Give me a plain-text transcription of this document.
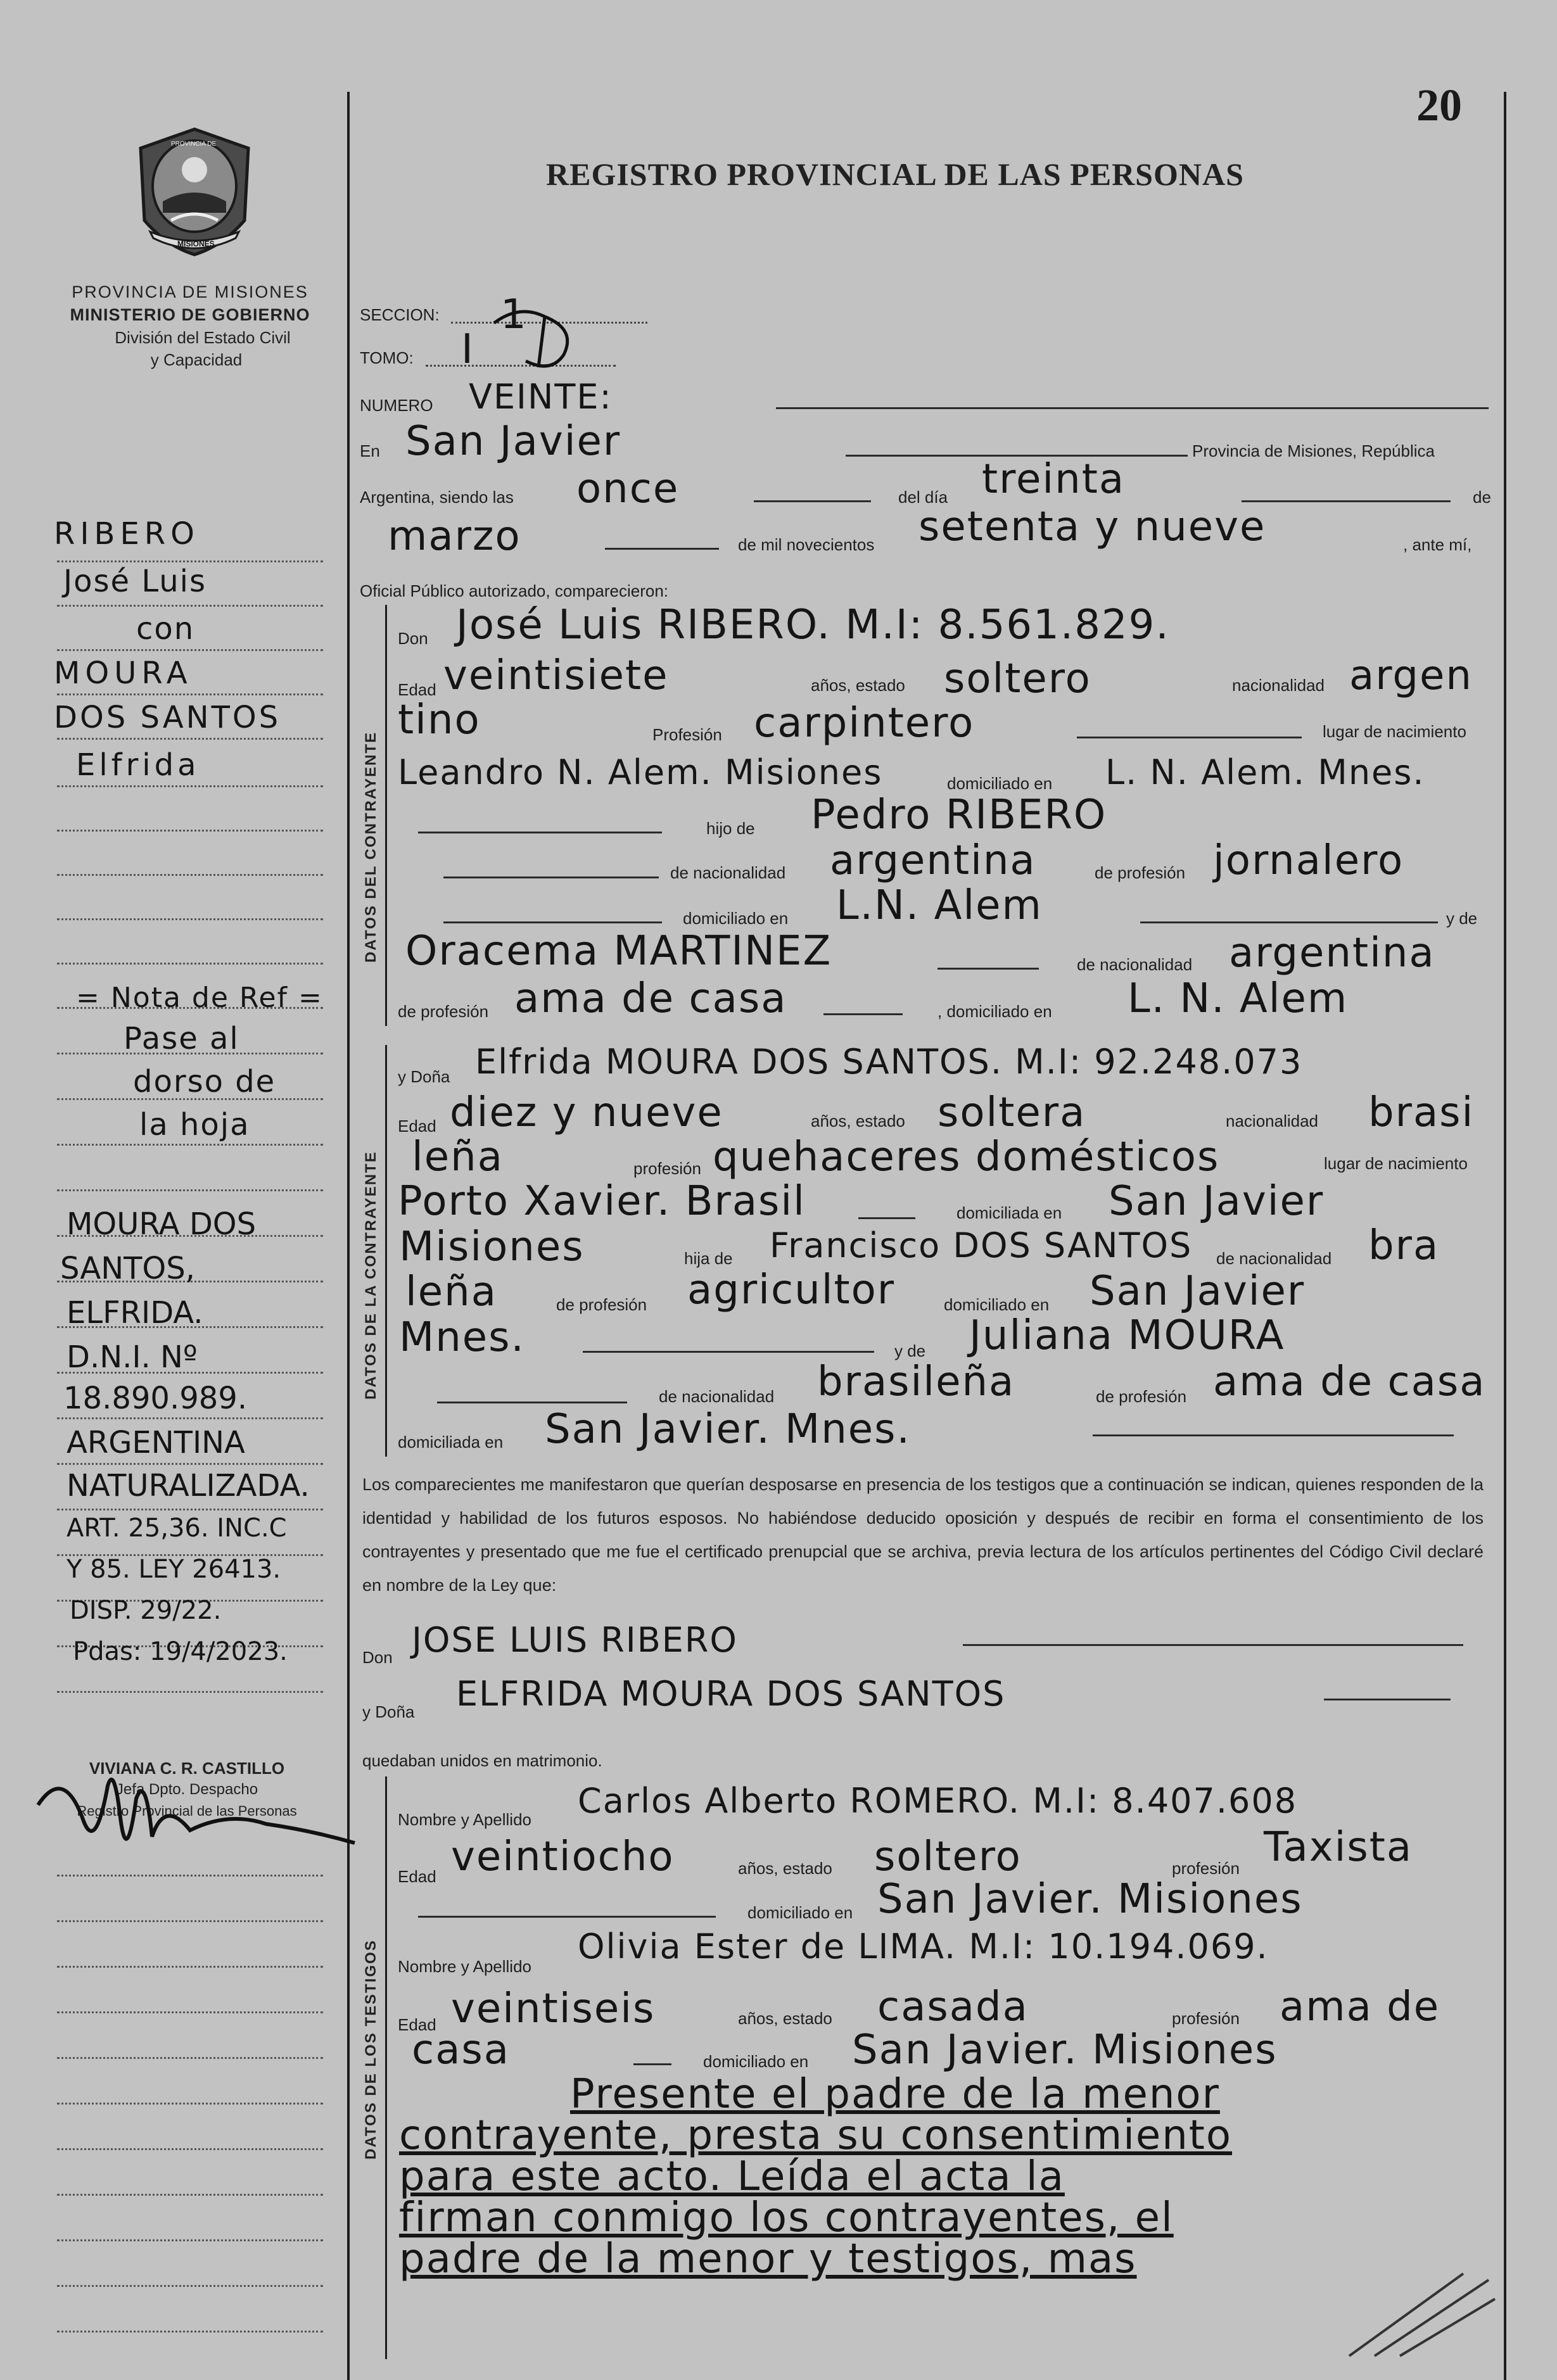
20
PROVINCIA DE
MISIONES
PROVINCIA DE MISIONES
MINISTERIO DE GOBIERNO
División del Estado Civil
y Capacidad
REGISTRO PROVINCIAL DE LAS PERSONAS
SECCION: 1
TOMO: I
NUMERO VEINTE:
En San Javier	Provincia de Misiones, República
Argentina, siendo las once	del día treinta	de
marzo	de mil novecientos setenta y nueve	, ante mí,
Oficial Público autorizado, comparecieron:
DATOS DEL CONTRAYENTE
Don José Luis RIBERO. M.I: 8.561.829.
Edad veintisiete	años, estado soltero	nacionalidad argen
tino	Profesión carpintero	lugar de nacimiento
Leandro N. Alem. Misiones	domiciliado en L. N. Alem. Mnes.
hijo de Pedro RIBERO
de nacionalidad argentina	de profesión jornalero
domiciliado en L.N. Alem	y de
Oracema MARTINEZ	de nacionalidad argentina
de profesión ama de casa	, domiciliado en L. N. Alem
DATOS DE LA CONTRAYENTE
y Doña Elfrida MOURA DOS SANTOS. M.I: 92.248.073
Edad diez y nueve	años, estado soltera	nacionalidad brasi
leña	profesión quehaceres domésticos	lugar de nacimiento
Porto Xavier. Brasil	domiciliada en San Javier
Misiones	hija de Francisco DOS SANTOS de nacionalidad bra
leña	de profesión agricultor	domiciliado en San Javier
Mnes.	y de Juliana MOURA
de nacionalidad brasileña	de profesión ama de casa
domiciliada en San Javier. Mnes.
Los comparecientes me manifestaron que querían desposarse en presencia de los testigos que a continuación se indican, quienes responden de la identidad y habilidad de los futuros esposos. No habiéndose deducido oposición y después de recibir en forma el consentimiento de los contrayentes y presentado que me fue el certificado prenupcial que se archiva, previa lectura de los artículos pertinentes del Código Civil declaré en nombre de la Ley que:
Don JOSE LUIS RIBERO
y Doña ELFRIDA MOURA DOS SANTOS
quedaban unidos en matrimonio.
DATOS DE LOS TESTIGOS
Nombre y Apellido Carlos Alberto ROMERO. M.I: 8.407.608
Edad veintiocho	años, estado soltero	profesión Taxista
domiciliado en San Javier. Misiones
Nombre y Apellido Olivia Ester de LIMA. M.I: 10.194.069.
Edad veintiseis	años, estado casada	profesión ama de
casa	domiciliado en San Javier. Misiones
Presente el padre de la menor
contrayente, presta su consentimiento
para este acto. Leída el acta la
firman conmigo los contrayentes, el
padre de la menor y testigos, mas
RIBERO
José Luis
con
MOURA
DOS SANTOS
Elfrida
= Nota de Ref =
Pase al
dorso de
la hoja
MOURA DOS
SANTOS,
ELFRIDA.
D.N.I. Nº
18.890.989.
ARGENTINA
NATURALIZADA.
ART. 25,36. INC.C
Y 85. LEY 26413.
DISP. 29/22.
Pdas: 19/4/2023.
VIVIANA C. R. CASTILLO
Jefa Dpto. Despacho
Registro Provincial de las Personas
